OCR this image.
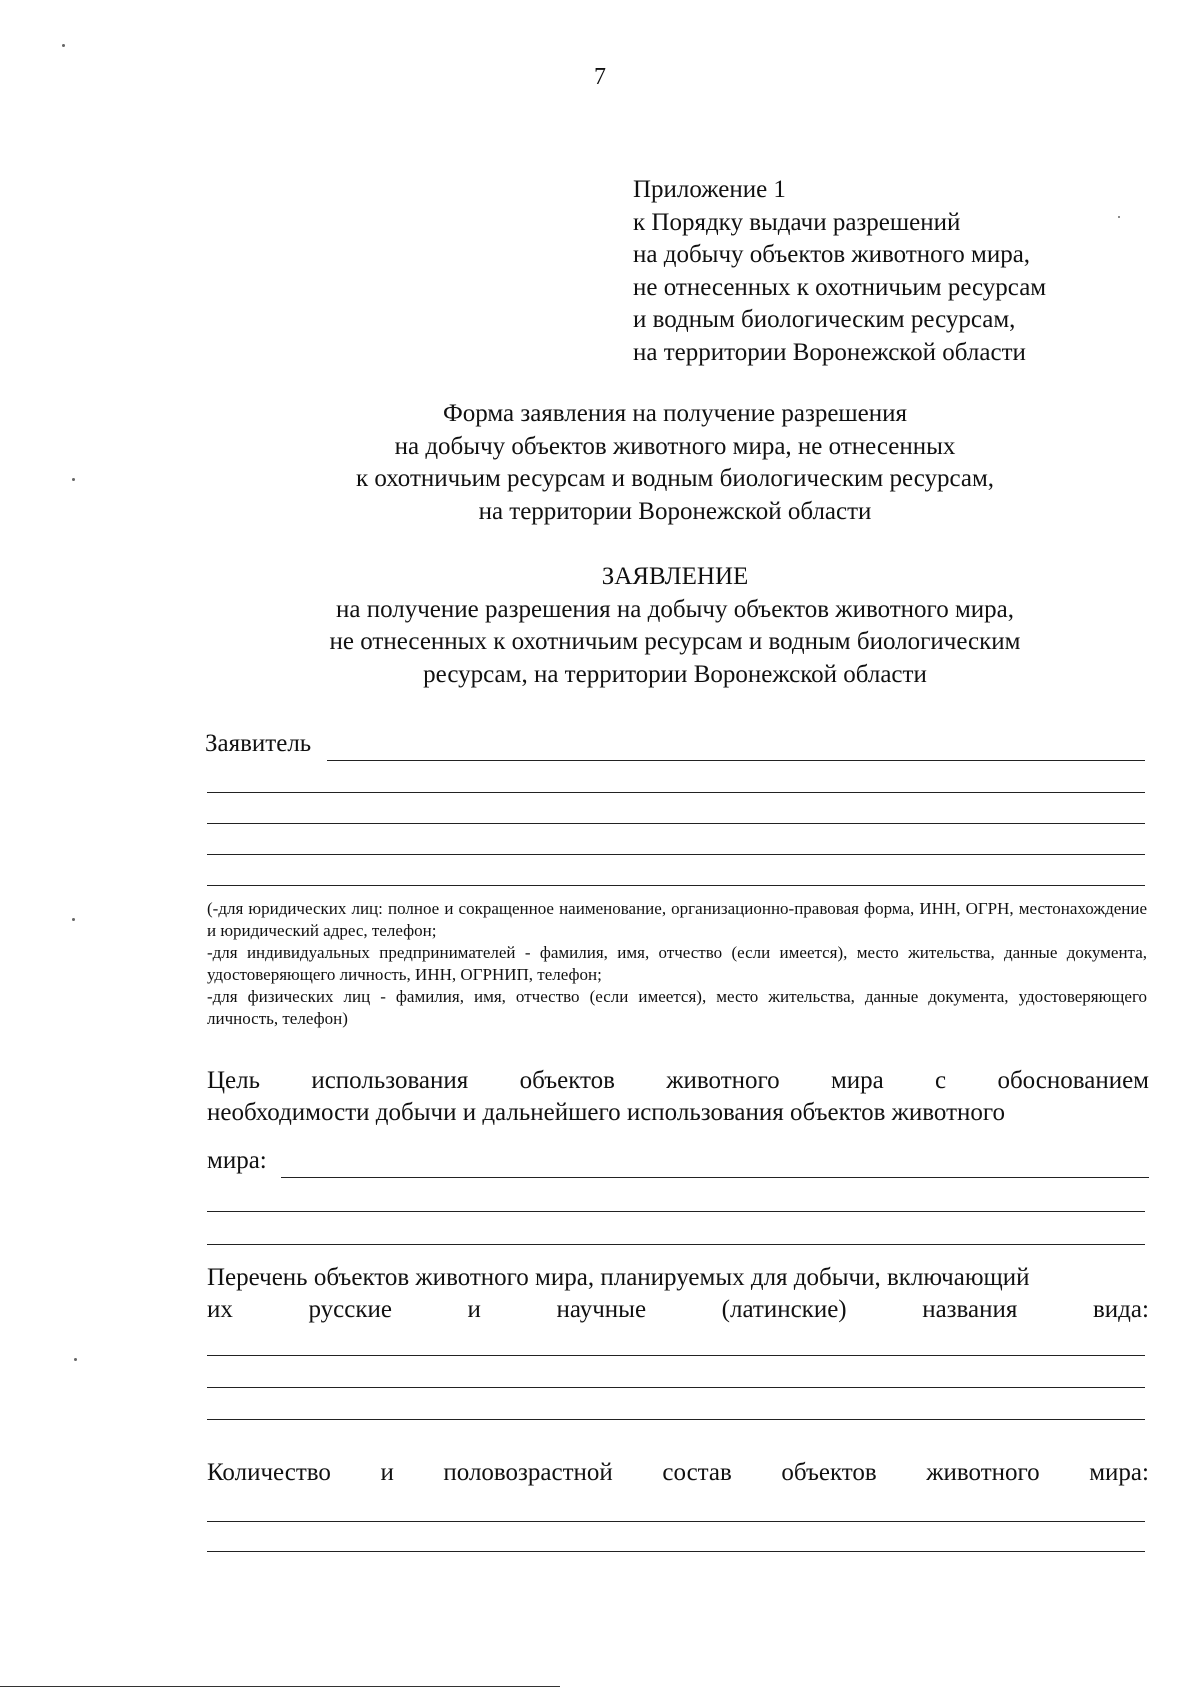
7
Приложение 1
к Порядку выдачи разрешений
на добычу объектов животного мира,
не отнесенных к охотничьим ресурсам
и водным биологическим ресурсам,
на территории Воронежской области
Форма заявления на получение разрешения
на добычу объектов животного мира, не отнесенных
к охотничьим ресурсам и водным биологическим ресурсам,
на территории Воронежской области
ЗАЯВЛЕНИЕ
на получение разрешения на добычу объектов животного мира,
не отнесенных к охотничьим ресурсам и водным биологическим
ресурсам, на территории Воронежской области
Заявитель

(-для юридических лиц: полное и сокращенное наименование, организационно-правовая форма, ИНН, ОГРН, местонахождение и юридический адрес, телефон;

-для индивидуальных предпринимателей - фамилия, имя, отчество (если имеется), место жительства, данные документа, удостоверяющего личность, ИНН, ОГРНИП, телефон;

-для физических лиц - фамилия, имя, отчество (если имеется), место жительства, данные документа, удостоверяющего личность, телефон)

Цель использования объектов животного мира с обоснованием
необходимости добычи и дальнейшего использования объектов животного
мира:
Перечень объектов животного мира, планируемых для добычи, включающий
их	русские	и	научные	(латинские)	названия	вида:
Количество и половозрастной состав объектов животного мира:
